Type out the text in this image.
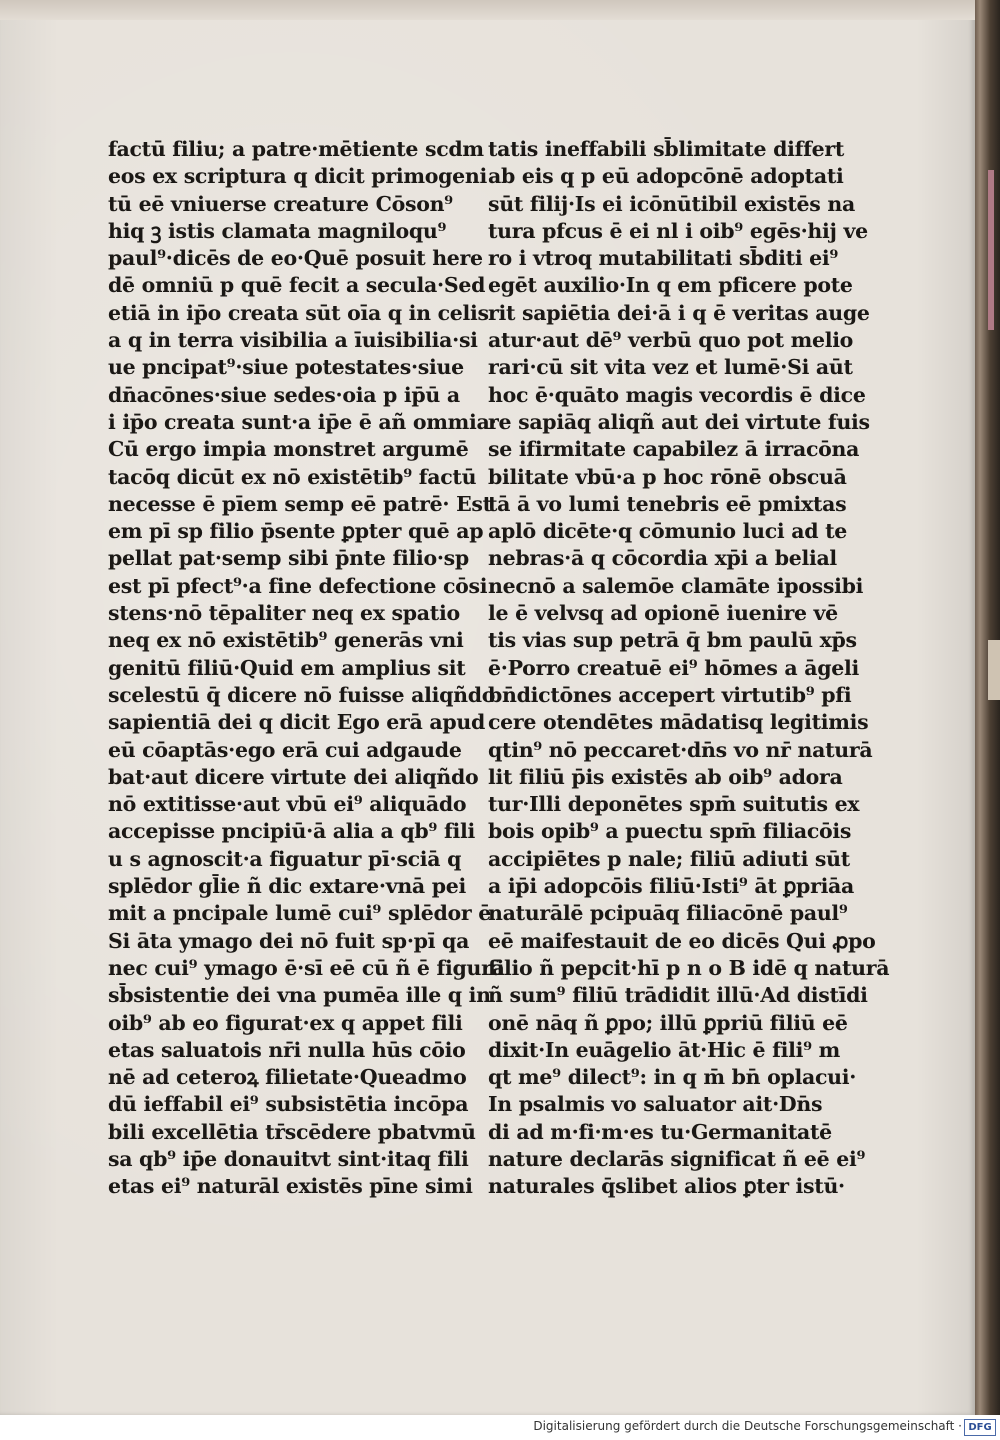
factū filiu; a patre·mētiente scdm
eos ex scriptura q dicit primogeni
tū eē vniuerse creature Cōson⁹
hiq ꝫ istis clamata magniloqu⁹
paul⁹·dicēs de eo·Quē posuit here
dē omniū p quē fecit a secula·Sed
etiā in ip̄o creata sūt oīa q in celis
a q in terra visibilia a īuisibilia·si
ue pncipat⁹·siue potestates·siue
dn̄acōnes·siue sedes·oia p ip̄ū a
i ip̄o creata sunt·a ip̄e ē añ ommia·
Cū ergo impia monstret argumē
tacōq dicūt ex nō existētib⁹ factū
necesse ē pīem semp eē patrē· Est
em pī sp filio p̄sente ꝑpter quē ap
pellat pat·semp sibi p̄nte filio·sp
est pī pfect⁹·a fine defectione cōsi
stens·nō tēpaliter neq ex spatio
neq ex nō existētib⁹ generās vni
genitū filiū·Quid em amplius sit
scelestū q̄ dicere nō fuisse aliqñdo
sapientiā dei q dicit Ego erā apud
eū cōaptās·ego erā cui adgaude
bat·aut dicere virtute dei aliqñdo
nō extitisse·aut vbū ei⁹ aliquādo
accepisse pncipiū·ā alia a qb⁹ fili
u s agnoscit·a figuatur pī·sciā q
splēdor gl̄ie ñ dic extare·vnā pei
mit a pncipale lumē cui⁹ splēdor ē
Si āta ymago dei nō fuit sp·pī qa
nec cui⁹ ymago ē·sī eē cū ñ ē figurā
sb̄sistentie dei vna pumēa ille q in
oib⁹ ab eo figurat·ex q appet fili
etas saluatois nr̄i nulla hūs cōio
nē ad ceteroꝝ filietate·Queadmo
dū ieffabil ei⁹ subsistētia incōpa
bili excellētia tr̄scēdere pbatvmū
sa qb⁹ ip̄e donauitvt sint·itaq fili
etas ei⁹ naturāl existēs pīne simi
tatis ineffabili sb̄limitate differt
ab eis q p eū adopcōnē adoptati
sūt filij·Is ei icōnūtibil existēs na
tura pfcus ē ei nl i oib⁹ egēs·hij ve
ro i vtroq mutabilitati sb̄diti ei⁹
egēt auxilio·In q em pficere pote
rit sapiētia dei·ā i q ē veritas auge
atur·aut dē⁹ verbū quo pot melio
rari·cū sit vita vez et lumē·Si aūt
hoc ē·quāto magis vecordis ē dice
re sapiāq aliqñ aut dei virtute fuis
se ifirmitate capabilez ā irracōna
bilitate vbū·a p hoc rōnē obscuā
tā ā vo lumi tenebris eē pmixtas
aplō dicēte·q cōmunio luci ad te
nebras·ā q cōcordia xp̄i a belial
necnō a salemōe clamāte ipossibi
le ē velvsq ad opionē iuenire vē
tis vias sup petrā q̄ bm paulū xp̄s
ē·Porro creatuē ei⁹ hōmes a āgeli
bn̄dictōnes accepert virtutib⁹ pfi
cere otendētes mādatisq legitimis
qtin⁹ nō peccaret·dn̄s vo nr̄ naturā
lit filiū p̄is existēs ab oib⁹ adora
tur·Illi deponētes spm̄ suitutis ex
bois opib⁹ a puectu spm̄ filiacōis
accipiētes p nale; filiū adiuti sūt
a ip̄i adopcōis filiū·Isti⁹ āt ꝑpriāa
naturālē pcipuāq filiacōnē paul⁹
eē maifestauit de eo dicēs Qui ꝓpo
filio ñ pepcit·hī p n o B idē q naturā
ñ sum⁹ filiū trādidit illū·Ad distīdi
onē nāq ñ ꝑpo; illū ꝑpriū filiū eē
dixit·In euāgelio āt·Hic ē fili⁹ m
qt me⁹ dilect⁹: in q m̄ bn̄ oplacui·
In psalmis vo saluator ait·Dn̄s
di ad m·fi·m·es tu·Germanitatē
nature declarās significat ñ eē ei⁹
naturales q̄slibet alios ꝑter istū·
Digitalisierung gefördert durch die Deutsche Forschungsgemeinschaft · DFG
